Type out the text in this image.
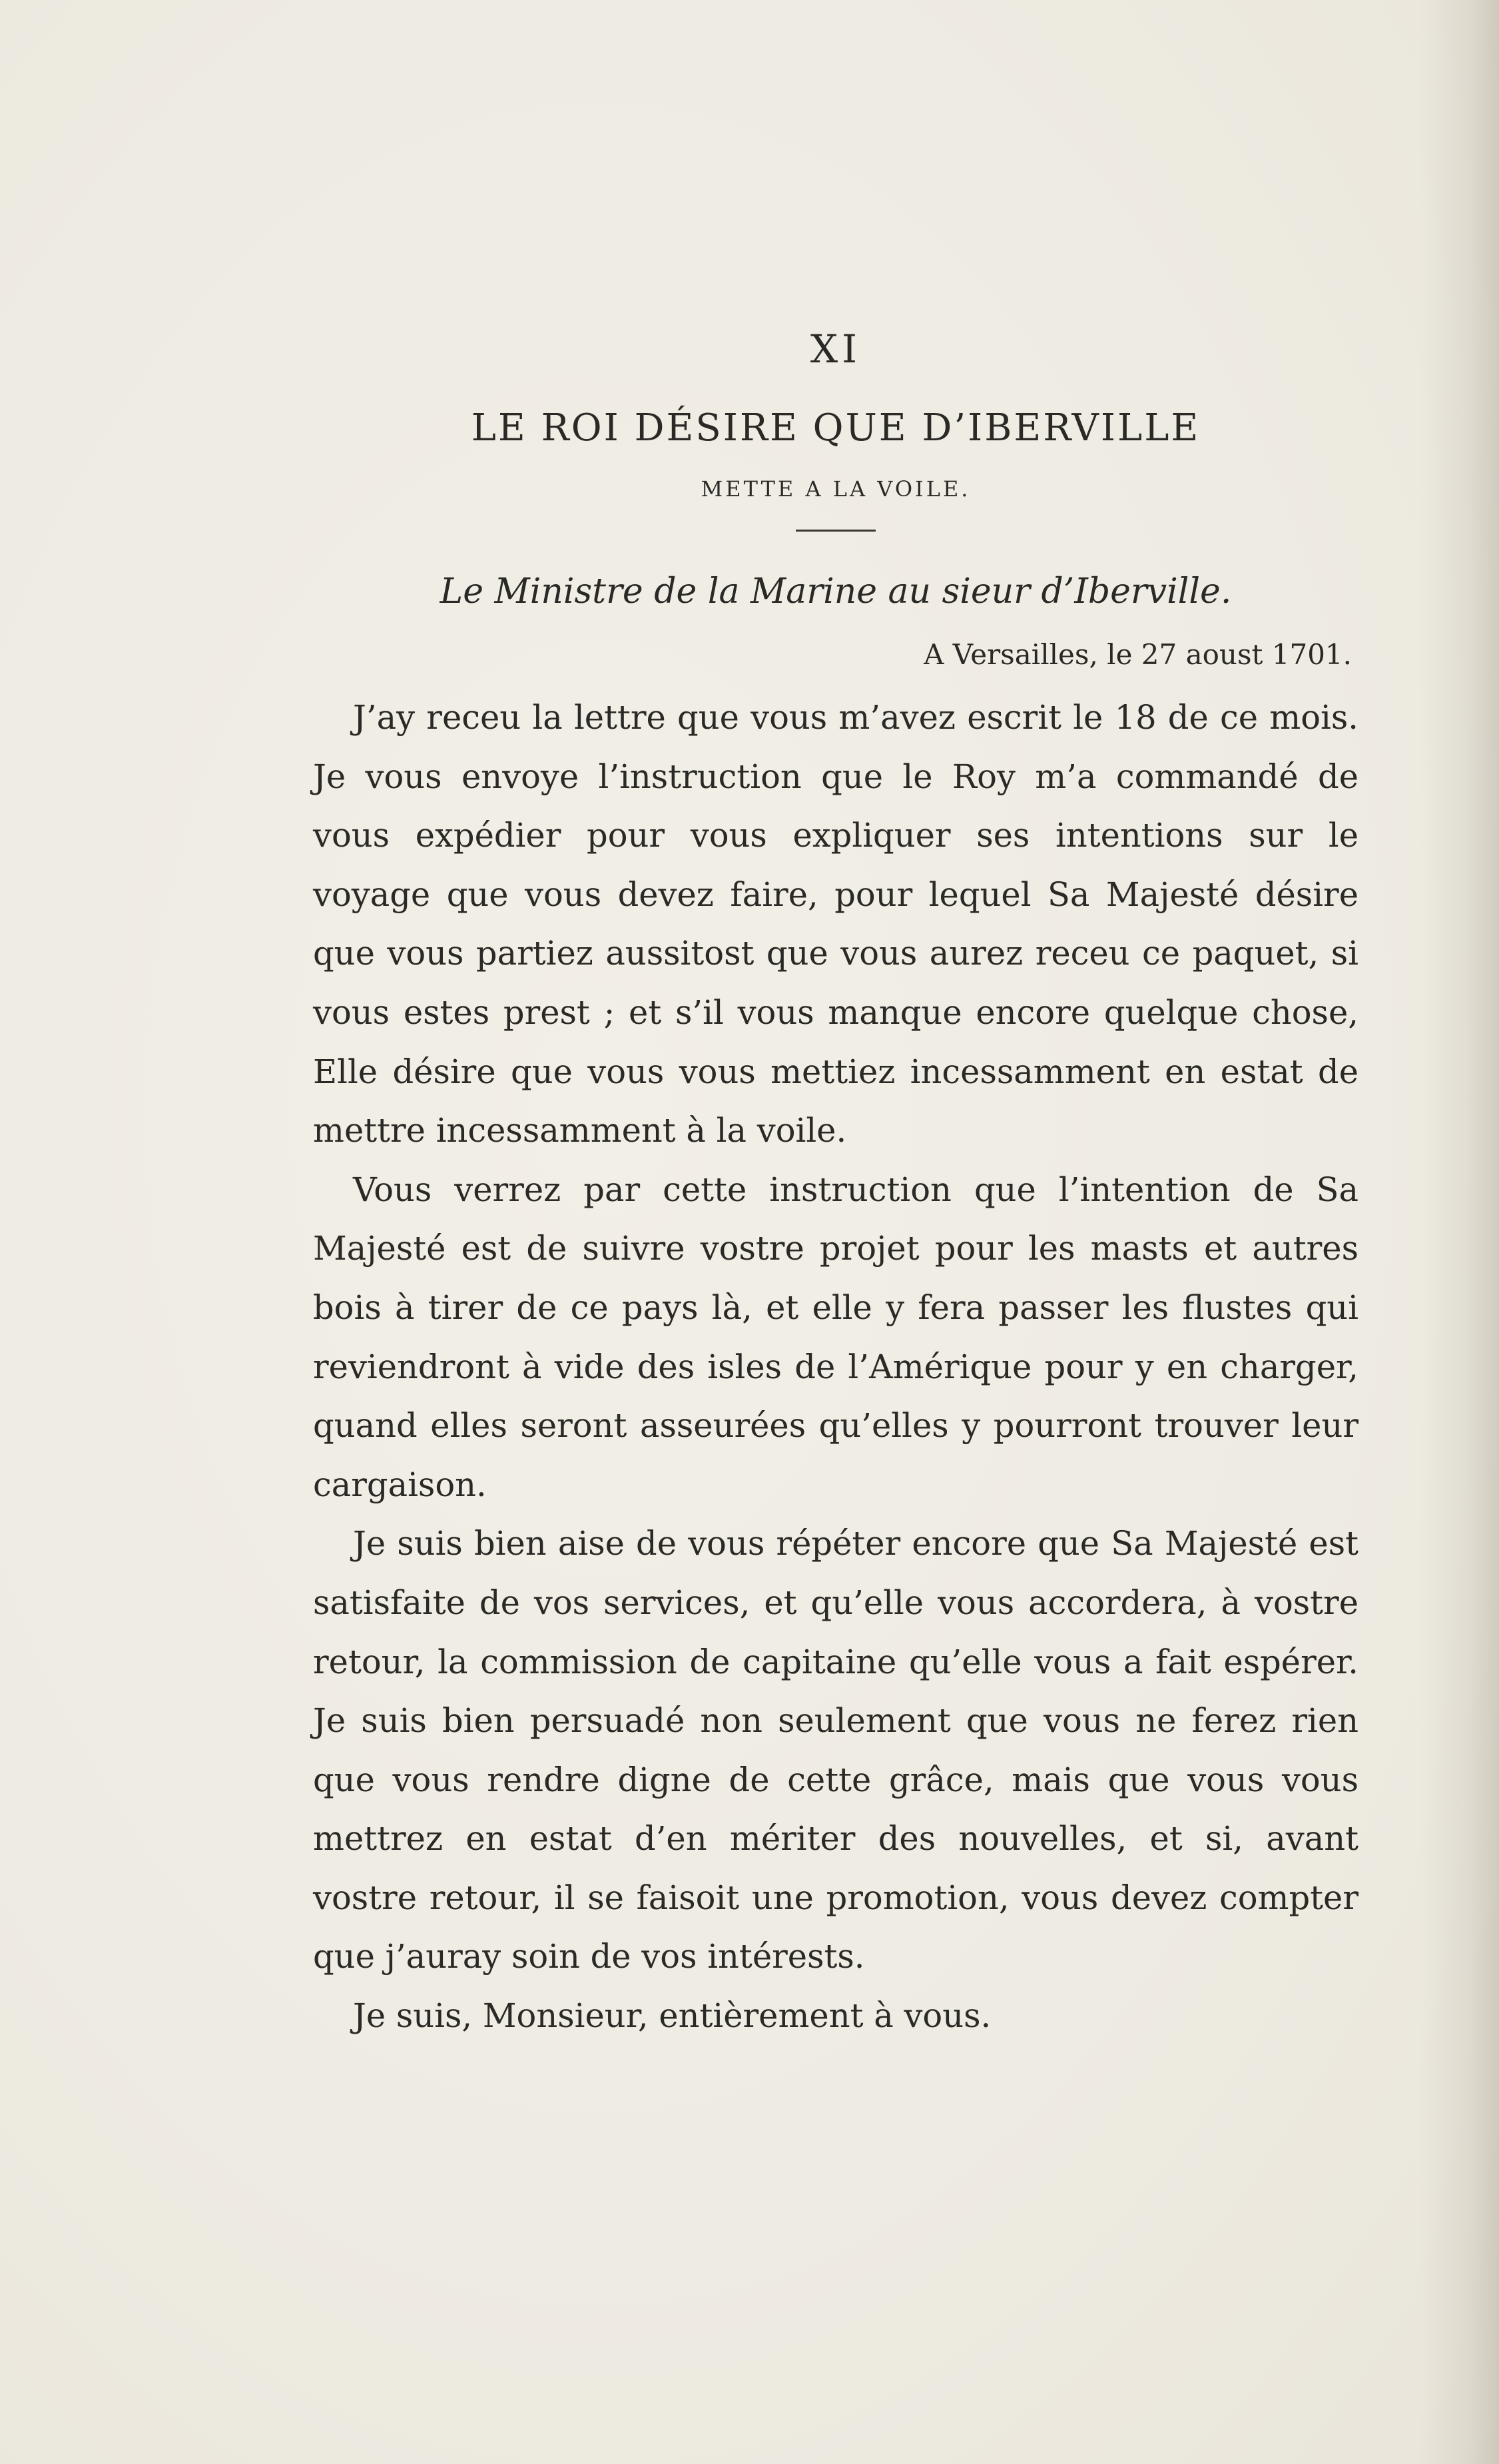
XI
LE ROI DÉSIRE QUE D’IBERVILLE
METTE A LA VOILE.
Le Ministre de la Marine au sieur d’Iberville.
A Versailles, le 27 aoust 1701.

J’ay receu la lettre que vous m’avez escrit le 18 de ce mois. Je vous envoye l’instruction que le Roy m’a commandé de vous expédier pour vous expliquer ses intentions sur le voyage que vous devez faire, pour lequel Sa Majesté désire que vous partiez aussitost que vous aurez receu ce paquet, si vous estes prest ; et s’il vous manque encore quelque chose, Elle désire que vous vous mettiez incessamment en estat de mettre incessamment à la voile.

Vous verrez par cette instruction que l’intention de Sa Majesté est de suivre vostre projet pour les masts et autres bois à tirer de ce pays là, et elle y fera passer les flustes qui reviendront à vide des isles de l’Amérique pour y en charger, quand elles seront asseurées qu’elles y pourront trouver leur cargaison.

Je suis bien aise de vous répéter encore que Sa Majesté est satisfaite de vos services, et qu’elle vous accordera, à vostre retour, la commission de capitaine qu’elle vous a fait espérer. Je suis bien persuadé non seulement que vous ne ferez rien que vous rendre digne de cette grâce, mais que vous vous mettrez en estat d’en mériter des nouvelles, et si, avant vostre retour, il se faisoit une promotion, vous devez compter que j’auray soin de vos intérests.

Je suis, Monsieur, entièrement à vous.
